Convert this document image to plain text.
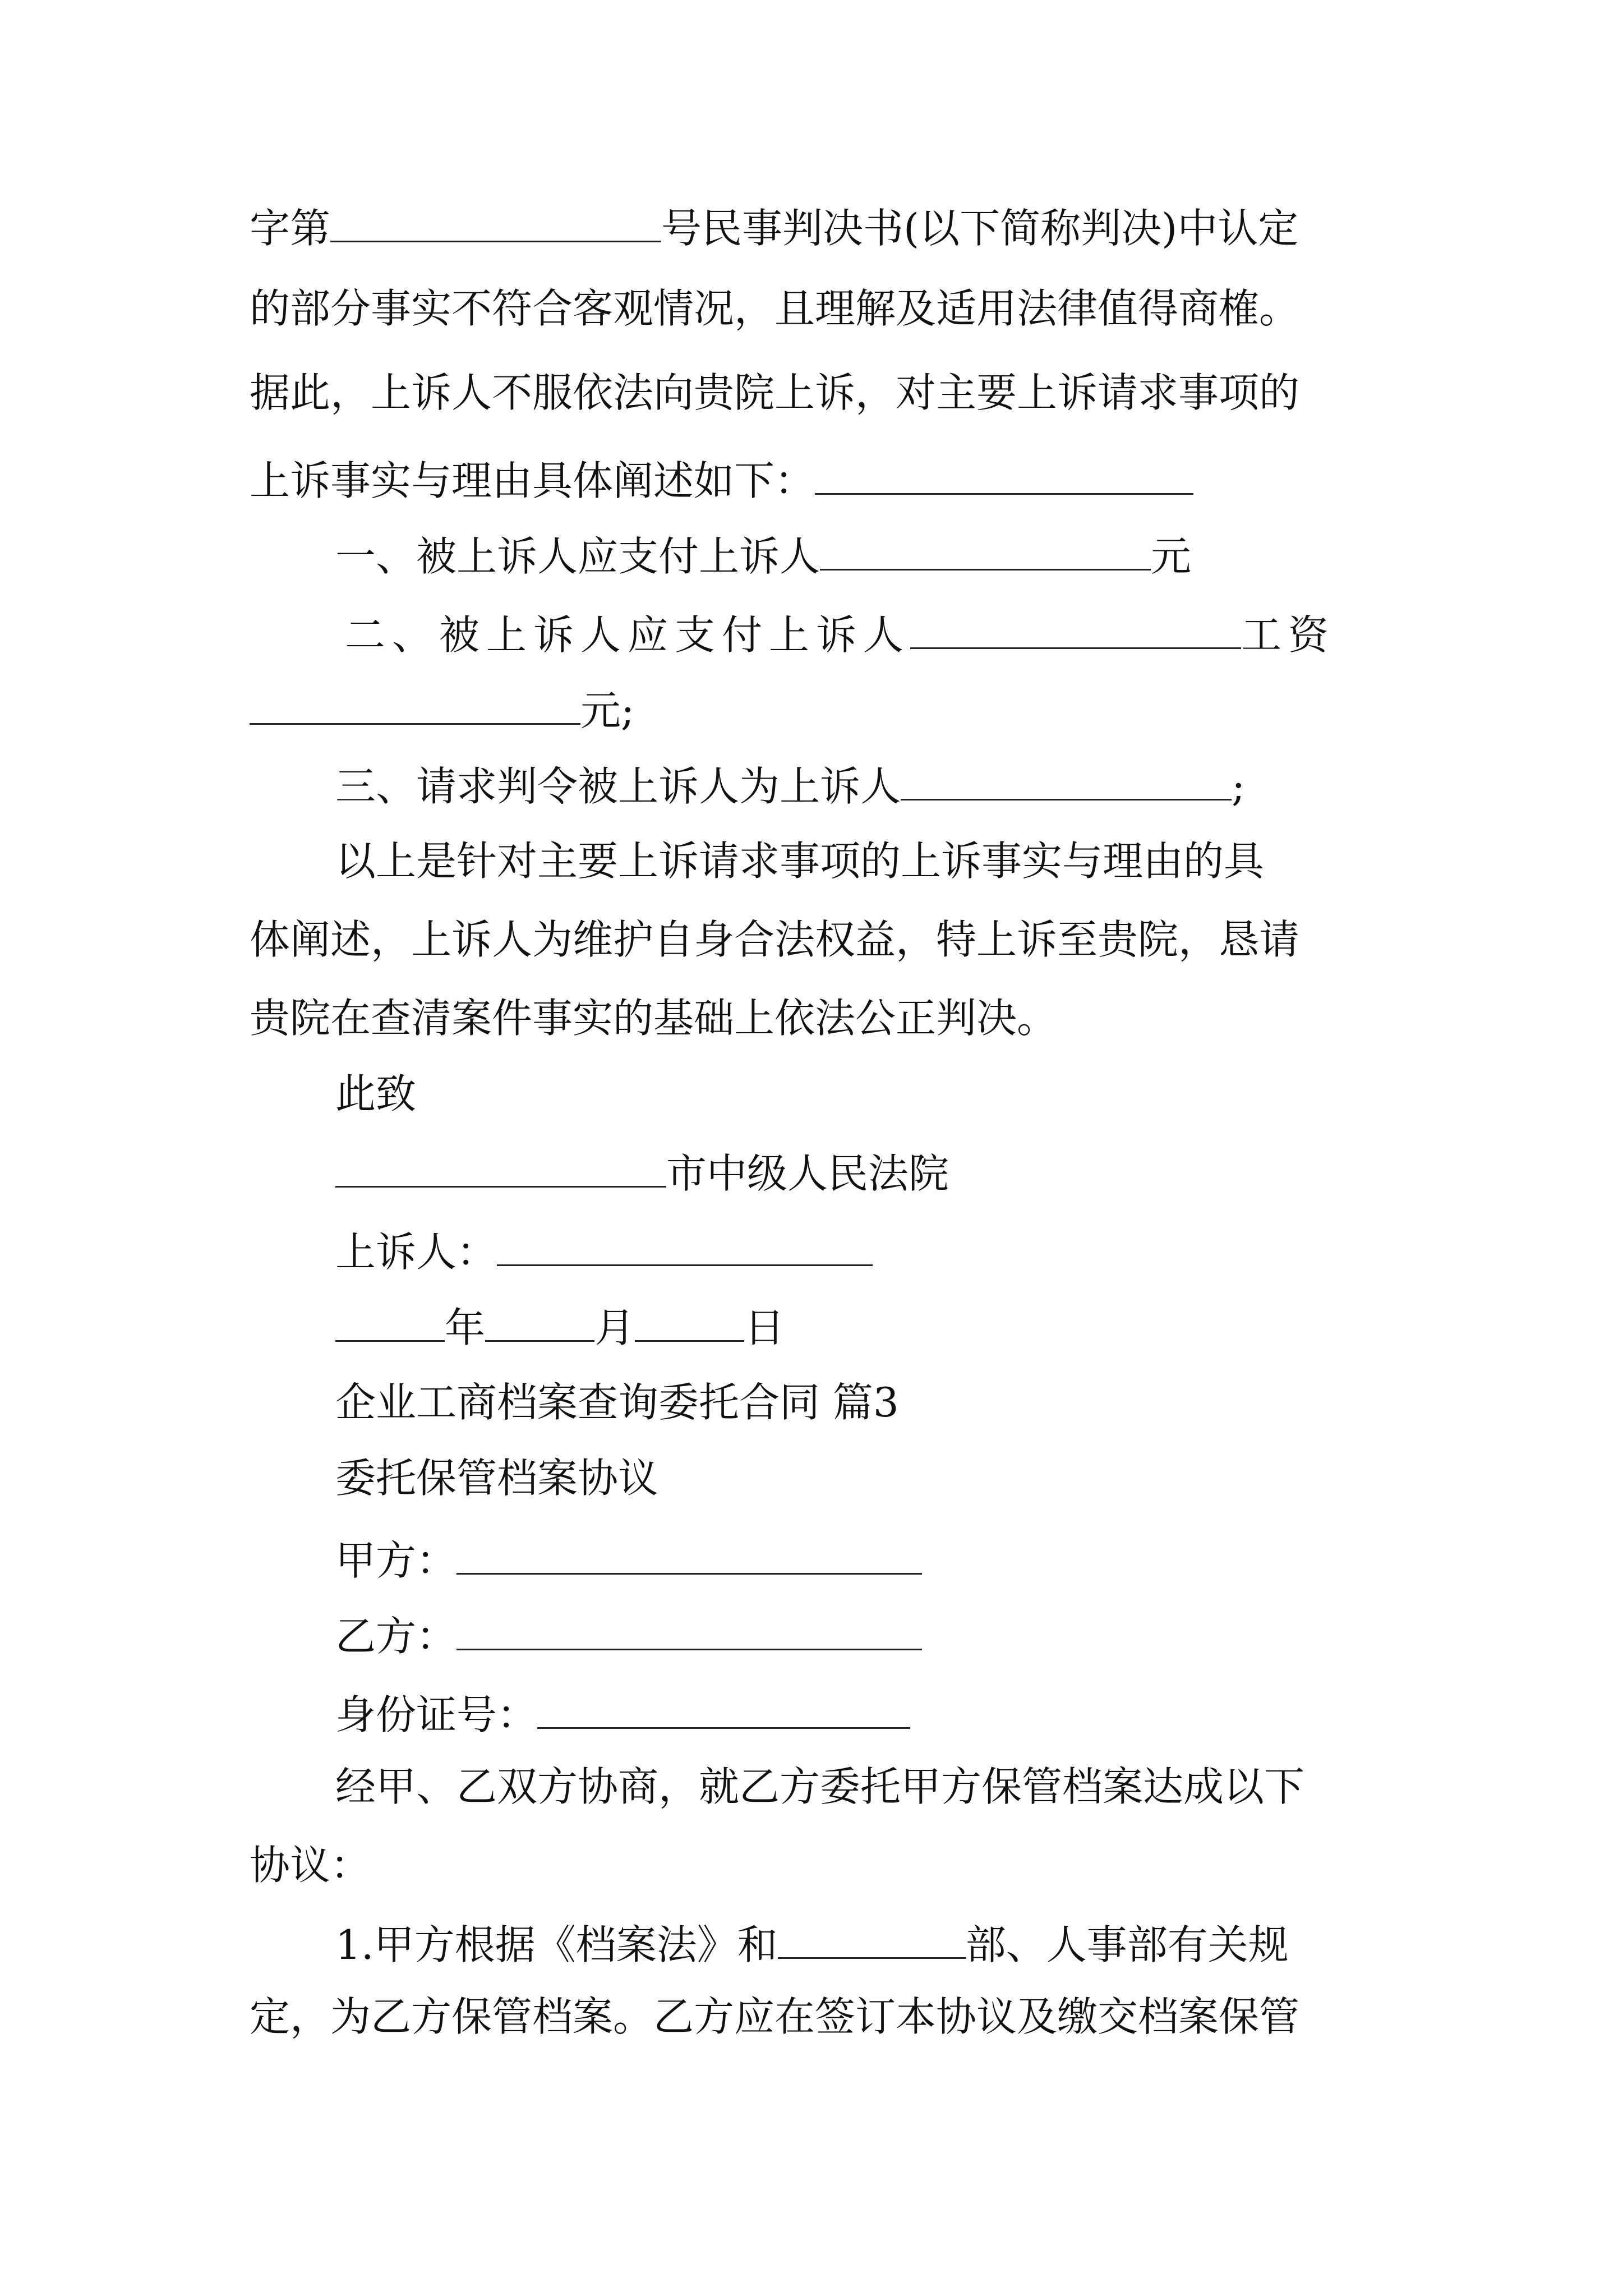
字第	号民事判决书(以下简称判决)中认定
的部分事实不符合客观情况，且理解及适用法律值得商榷。
据此，上诉人不服依法向贵院上诉，对主要上诉请求事项的
上诉事实与理由具体阐述如下：
一、被上诉人应支付上诉人	元
二、被上诉人应支付上诉人	工资
元;
三、请求判令被上诉人为上诉人	;
以上是针对主要上诉请求事项的上诉事实与理由的具
体阐述，上诉人为维护自身合法权益，特上诉至贵院，恳请
贵院在查清案件事实的基础上依法公正判决。
此致
市中级人民法院
上诉人：
年	月	日
企业工商档案查询委托合同 篇3
委托保管档案协议
甲方：
乙方：
身份证号：
经甲、乙双方协商，就乙方委托甲方保管档案达成以下
协议：
1.甲方根据《档案法》和	部、人事部有关规
定，为乙方保管档案。乙方应在签订本协议及缴交档案保管
